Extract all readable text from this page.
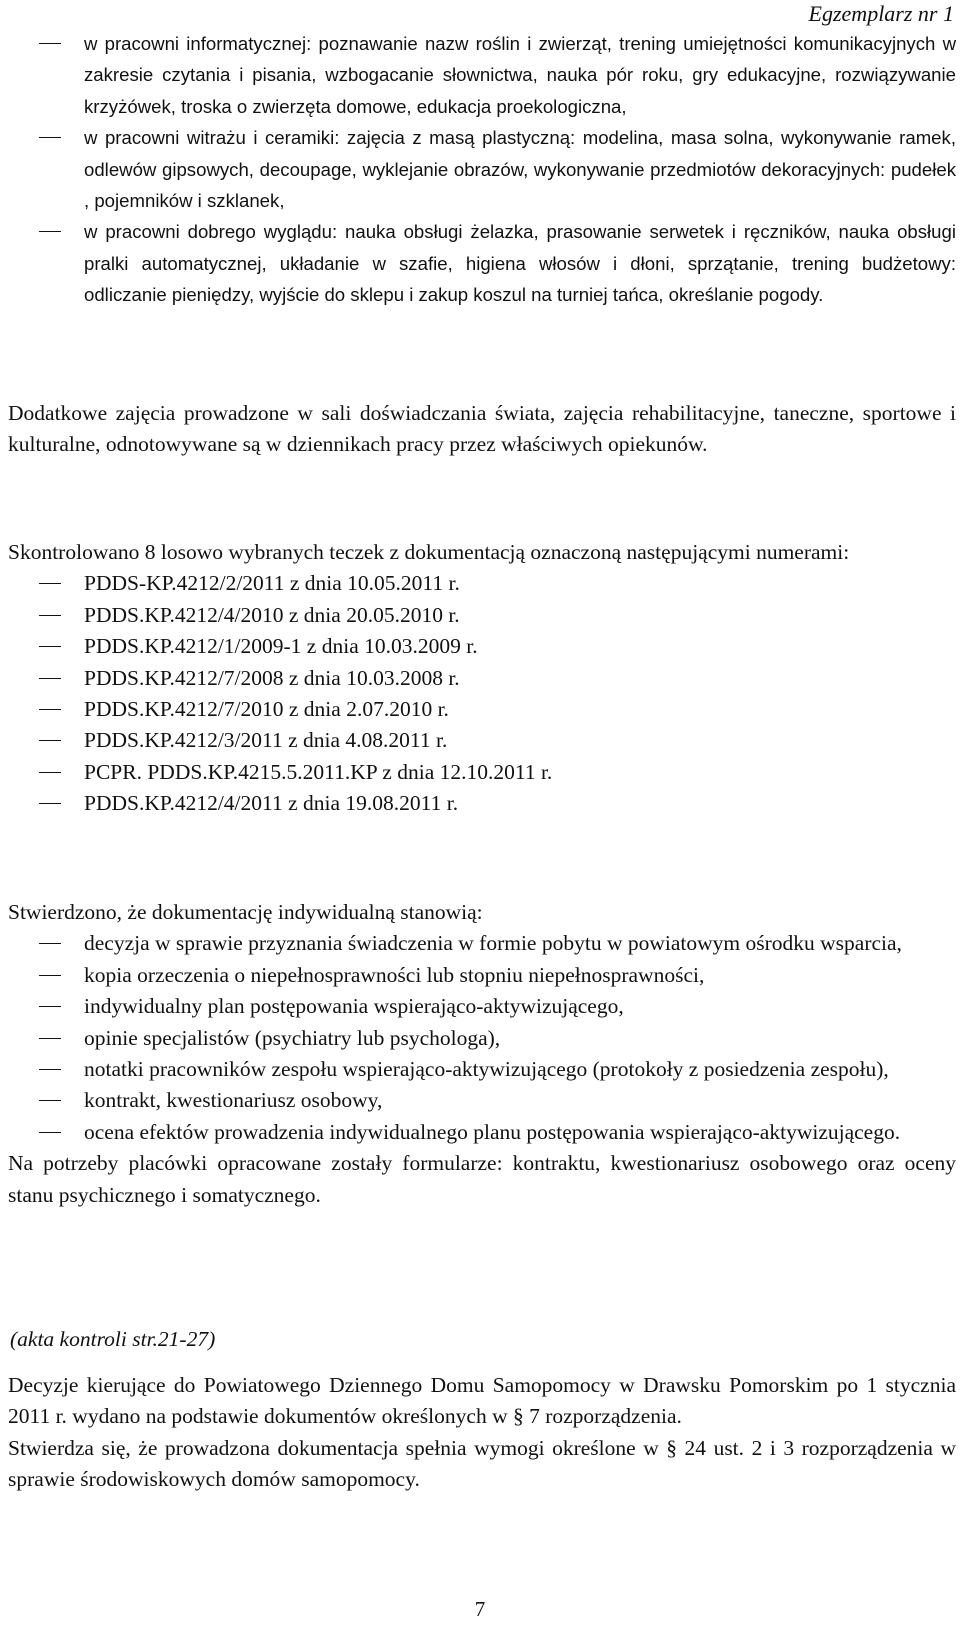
Egzemplarz nr 1
w pracowni informatycznej: poznawanie nazw roślin i zwierząt, trening umiejętności komunikacyjnych w zakresie czytania i pisania, wzbogacanie słownictwa, nauka pór roku, gry edukacyjne, rozwiązywanie krzyżówek, troska o zwierzęta domowe, edukacja proekologiczna,
w pracowni witrażu i ceramiki: zajęcia z masą plastyczną: modelina, masa solna, wykonywanie ramek, odlewów gipsowych, decoupage, wyklejanie obrazów, wykonywanie przedmiotów dekoracyjnych: pudełek , pojemników i szklanek,
w pracowni dobrego wyglądu: nauka obsługi żelazka, prasowanie serwetek i ręczników, nauka obsługi pralki automatycznej, układanie w szafie, higiena włosów i dłoni, sprzątanie, trening budżetowy: odliczanie pieniędzy, wyjście do sklepu i zakup koszul na turniej tańca, określanie pogody.

Dodatkowe zajęcia prowadzone w sali doświadczania świata, zajęcia rehabilitacyjne, taneczne, sportowe i kulturalne, odnotowywane są w dziennikach pracy przez właściwych opiekunów.

Skontrolowano 8 losowo wybranych teczek z dokumentacją oznaczoną następującymi numerami:

PDDS-KP.4212/2/2011 z dnia 10.05.2011 r.
PDDS.KP.4212/4/2010 z dnia 20.05.2010 r.
PDDS.KP.4212/1/2009-1 z dnia 10.03.2009 r.
PDDS.KP.4212/7/2008 z dnia 10.03.2008 r.
PDDS.KP.4212/7/2010 z dnia 2.07.2010 r.
PDDS.KP.4212/3/2011 z dnia 4.08.2011 r.
PCPR. PDDS.KP.4215.5.2011.KP z dnia 12.10.2011 r.
PDDS.KP.4212/4/2011 z dnia 19.08.2011 r.

Stwierdzono, że dokumentację indywidualną stanowią:

decyzja w sprawie przyznania świadczenia w formie pobytu w powiatowym ośrodku wsparcia,
kopia orzeczenia o niepełnosprawności lub stopniu niepełnosprawności,
indywidualny plan postępowania wspierająco-aktywizującego,
opinie specjalistów (psychiatry lub psychologa),
notatki pracowników zespołu wspierająco-aktywizującego (protokoły z posiedzenia zespołu),
kontrakt, kwestionariusz osobowy,
ocena efektów prowadzenia indywidualnego planu postępowania wspierająco-aktywizującego.

Na potrzeby placówki opracowane zostały formularze: kontraktu, kwestionariusz osobowego oraz oceny stanu psychicznego i somatycznego.

(akta kontroli str.21-27)

Decyzje kierujące do Powiatowego Dziennego Domu Samopomocy w Drawsku Pomorskim po 1 stycznia 2011 r. wydano na podstawie dokumentów określonych w § 7 rozporządzenia.

Stwierdza się, że prowadzona dokumentacja spełnia wymogi określone w § 24 ust. 2 i 3 rozporządzenia w sprawie środowiskowych domów samopomocy.

7
